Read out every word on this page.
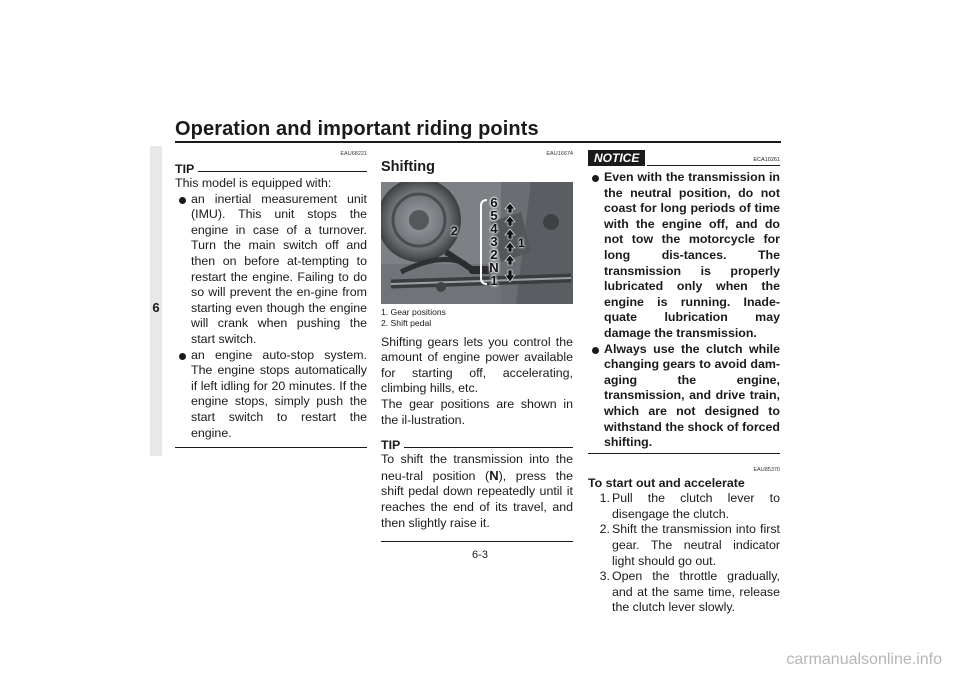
Operation and important riding points
6
EAU68221
TIP

This model is equipped with:

an inertial measurement unit (IMU). This unit stops the engine in case of a turnover. Turn the main switch off and then on before at-tempting to restart the engine. Failing to do so will prevent the en-gine from starting even though the engine will crank when pushing the start switch.
an engine auto-stop system. The engine stops automatically if left idling for 20 minutes. If the engine stops, simply push the start switch to restart the engine.
EAU16674
Shifting
6
5
4
3
2
N
1
2
1
1. Gear positions
2. Shift pedal

Shifting gears lets you control the amount of engine power available for starting off, accelerating, climbing hills, etc.

The gear positions are shown in the il-lustration.

TIP

To shift the transmission into the neu-tral position (N), press the shift pedal down repeatedly until it reaches the end of its travel, and then slightly raise it.

NOTICE	ECA10261
Even with the transmission in the neutral position, do not coast for long periods of time with the engine off, and do not tow the motorcycle for long dis-tances. The transmission is properly lubricated only when the engine is running. Inade-quate lubrication may damage the transmission.
Always use the clutch while changing gears to avoid dam-aging the engine, transmission, and drive train, which are not designed to withstand the shock of forced shifting.
EAU85370
To start out and accelerate
1. Pull the clutch lever to disengage the clutch.
2. Shift the transmission into first gear. The neutral indicator light should go out.
3. Open the throttle gradually, and at the same time, release the clutch lever slowly.
6-3
carmanualsonline.info
